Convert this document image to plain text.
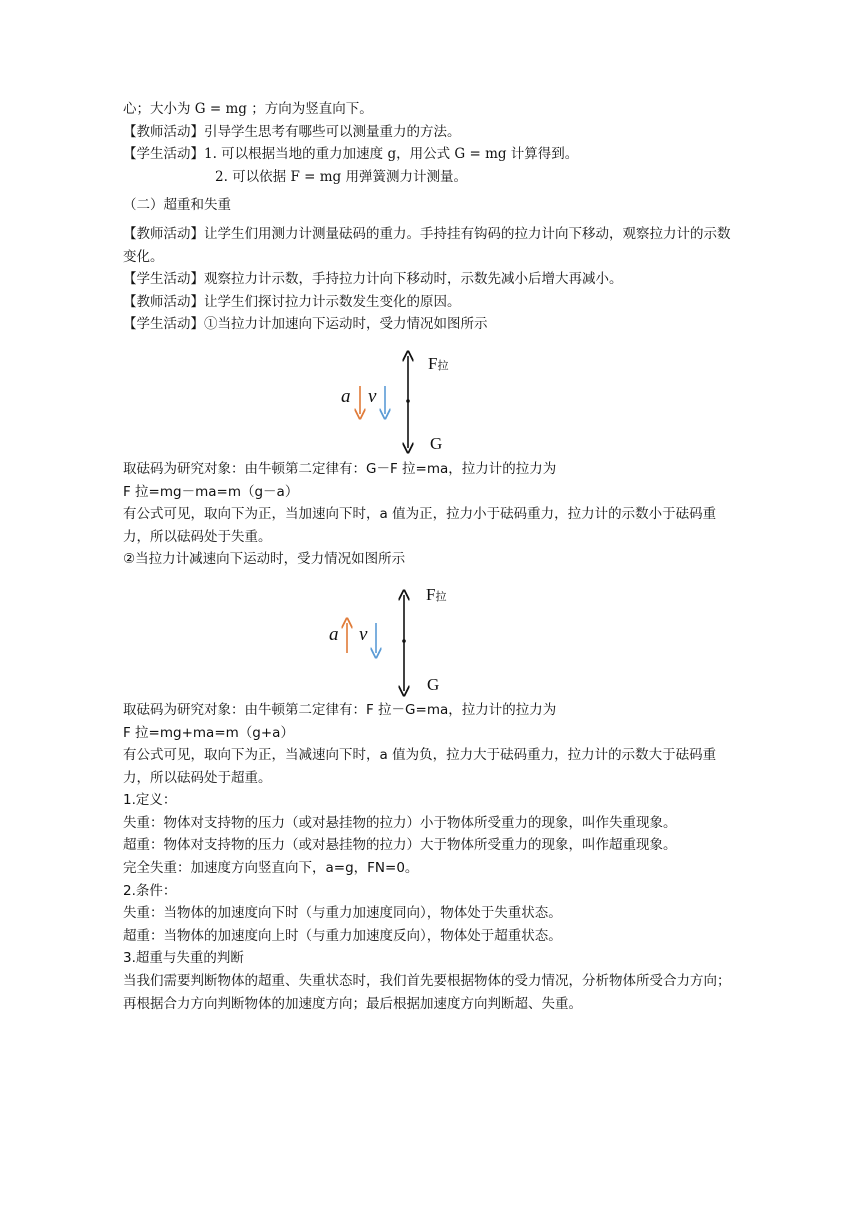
心；大小为 G = mg ；方向为竖直向下。
【教师活动】引导学生思考有哪些可以测量重力的方法。
【学生活动】1. 可以根据当地的重力加速度 g，用公式 G = mg 计算得到。
2. 可以依据 F = mg 用弹簧测力计测量。
（二）超重和失重
【教师活动】让学生们用测力计测量砝码的重力。手持挂有钩码的拉力计向下移动，观察拉力计的示数变化。
【学生活动】观察拉力计示数，手持拉力计向下移动时，示数先减小后增大再减小。
【教师活动】让学生们探讨拉力计示数发生变化的原因。
【学生活动】①当拉力计加速向下运动时，受力情况如图所示
F拉
G
a v
取砝码为研究对象：由牛顿第二定律有：G－F 拉=ma，拉力计的拉力为
F 拉=mg－ma=m（g－a）
有公式可见，取向下为正，当加速向下时，a 值为正，拉力小于砝码重力，拉力计的示数小于砝码重力，所以砝码处于失重。
②当拉力计减速向下运动时，受力情况如图所示
F拉
G
a v
取砝码为研究对象：由牛顿第二定律有：F 拉－G=ma，拉力计的拉力为
F 拉=mg+ma=m（g+a）
有公式可见，取向下为正，当减速向下时，a 值为负，拉力大于砝码重力，拉力计的示数大于砝码重力，所以砝码处于超重。
1.定义：
失重：物体对支持物的压力（或对悬挂物的拉力）小于物体所受重力的现象，叫作失重现象。
超重：物体对支持物的压力（或对悬挂物的拉力）大于物体所受重力的现象，叫作超重现象。
完全失重：加速度方向竖直向下，a=g，FN=0。
2.条件：
失重：当物体的加速度向下时（与重力加速度同向），物体处于失重状态。
超重：当物体的加速度向上时（与重力加速度反向），物体处于超重状态。
3.超重与失重的判断
当我们需要判断物体的超重、失重状态时，我们首先要根据物体的受力情况，分析物体所受合力方向；再根据合力方向判断物体的加速度方向；最后根据加速度方向判断超、失重。
